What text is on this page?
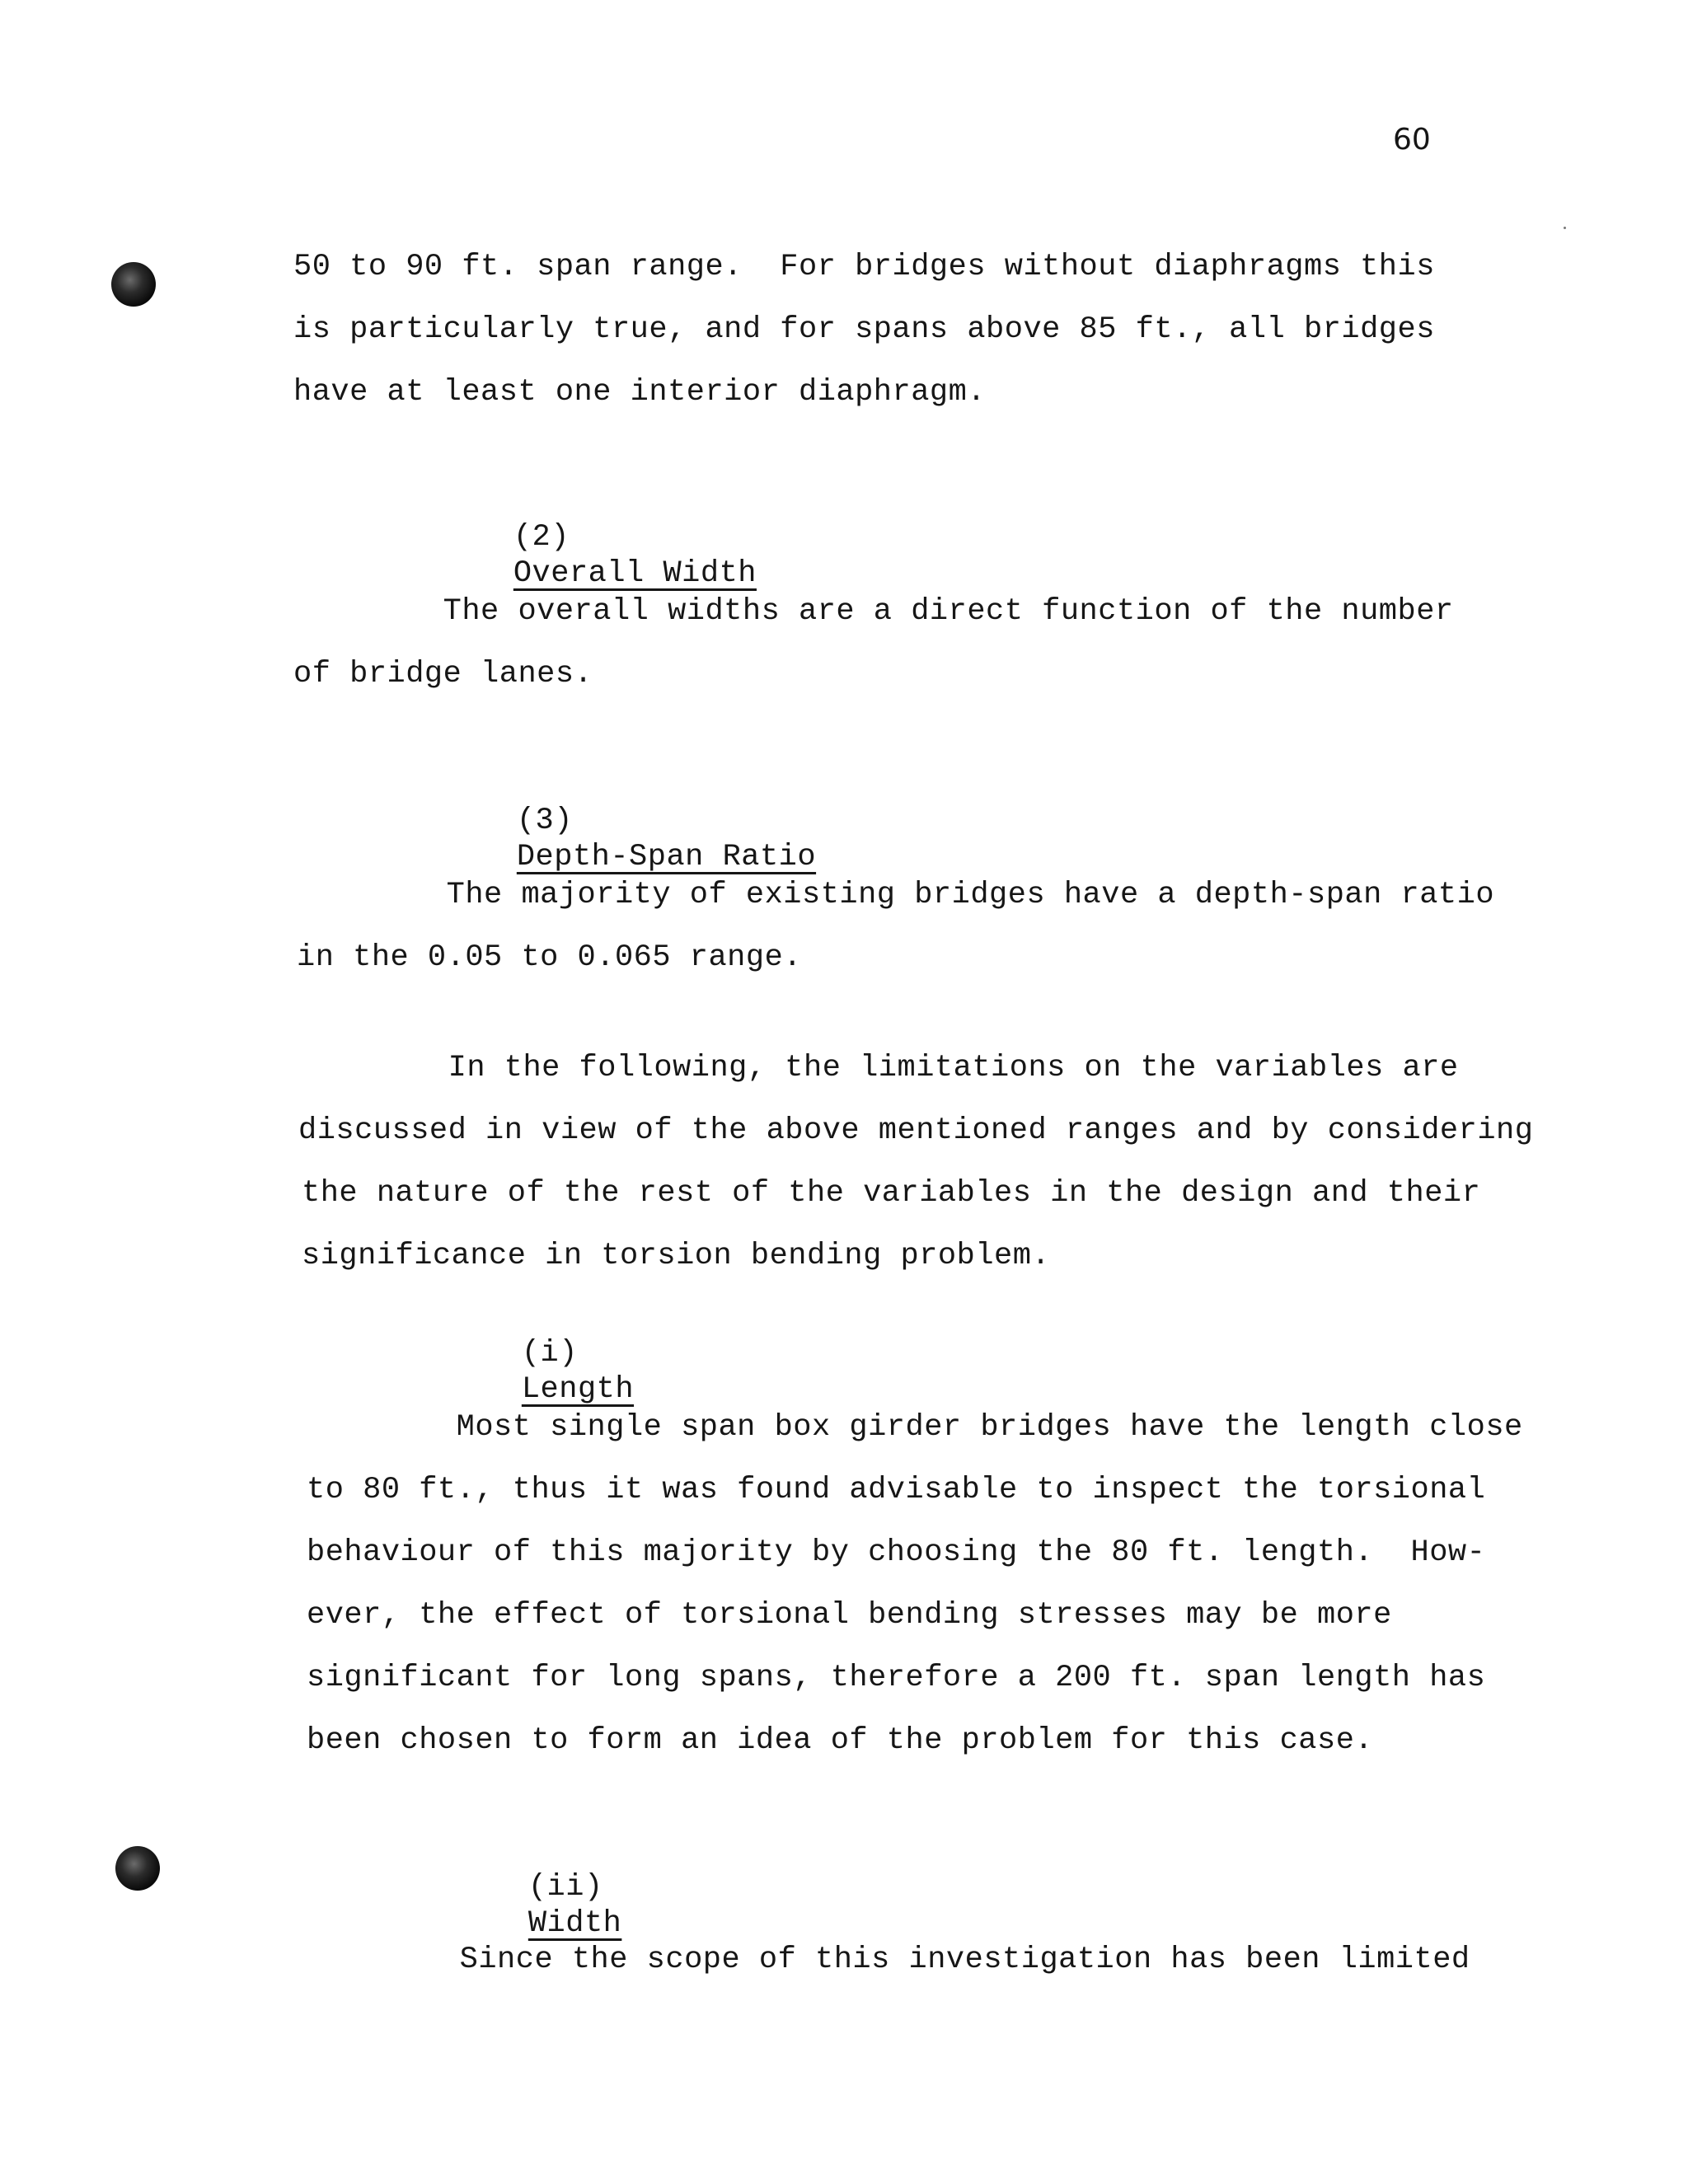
60
50 to 90 ft. span range.  For bridges without diaphragms this
is particularly true, and for spans above 85 ft., all bridges
have at least one interior diaphragm.

(2)
Overall Width

The overall widths are a direct function of the number
of bridge lanes.

(3)
Depth-Span Ratio

The majority of existing bridges have a depth-span ratio
in the 0.05 to 0.065 range.
In the following, the limitations on the variables are
discussed in view of the above mentioned ranges and by considering
the nature of the rest of the variables in the design and their
significance in torsion bending problem.

(i)
Length

Most single span box girder bridges have the length close
to 80 ft., thus it was found advisable to inspect the torsional
behaviour of this majority by choosing the 80 ft. length.  How-
ever, the effect of torsional bending stresses may be more
significant for long spans, therefore a 200 ft. span length has
been chosen to form an idea of the problem for this case.

(ii)
Width

Since the scope of this investigation has been limited
